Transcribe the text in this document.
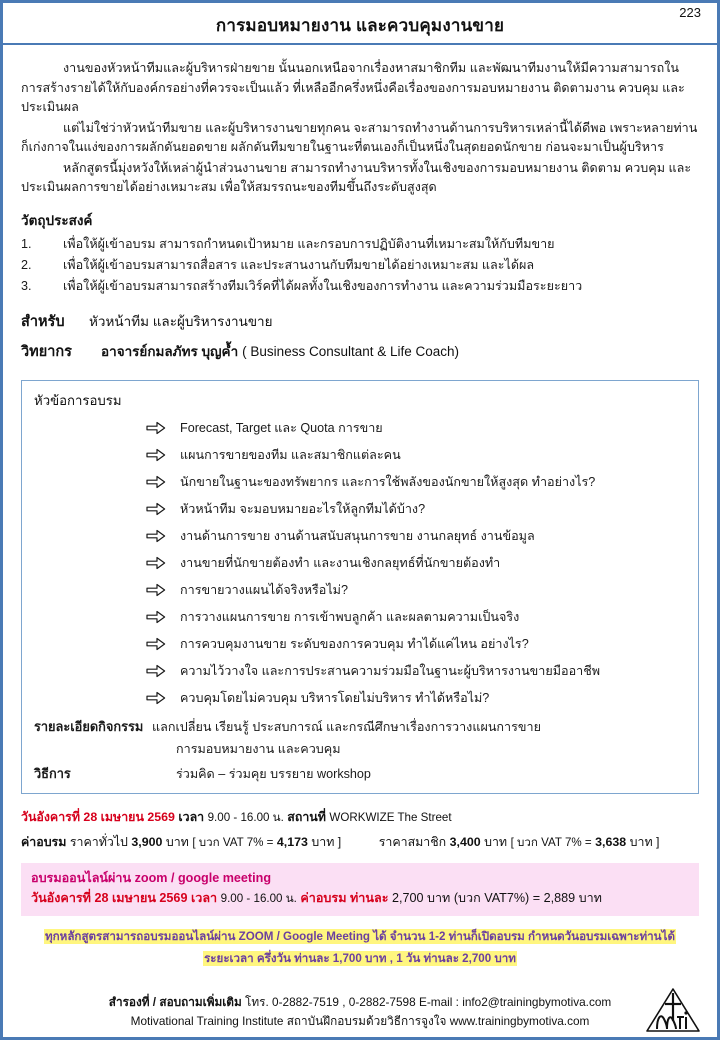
การมอบหมายงาน และควบคุมงานขาย
223

งานของหัวหน้าทีมและผู้บริหารฝ่ายขาย นั้นนอกเหนือจากเรื่องหาสมาชิกทีม และพัฒนาทีมงานให้มีความสามารถในการสร้างรายได้ให้กับองค์กรอย่างที่ควรจะเป็นแล้ว ที่เหลืออีกครึ่งหนึ่งคือเรื่องของการมอบหมายงาน ติดตามงาน ควบคุม และประเมินผล

แต่ไม่ใช่ว่าหัวหน้าทีมขาย และผู้บริหารงานขายทุกคน จะสามารถทำงานด้านการบริหารเหล่านี้ได้ดีพอ เพราะหลายท่านก็เก่งกาจในแง่ของการผลักดันยอดขาย ผลักดันทีมขายในฐานะที่ตนเองก็เป็นหนึ่งในสุดยอดนักขาย ก่อนจะมาเป็นผู้บริหาร

หลักสูตรนี้มุ่งหวังให้เหล่าผู้นำส่วนงานขาย สามารถทำงานบริหารทั้งในเชิงของการมอบหมายงาน ติดตาม ควบคุม และประเมินผลการขายได้อย่างเหมาะสม เพื่อให้สมรรถนะของทีมขึ้นถึงระดับสูงสุด

วัตถุประสงค์
1.	เพื่อให้ผู้เข้าอบรม สามารถกำหนดเป้าหมาย และกรอบการปฏิบัติงานที่เหมาะสมให้กับทีมขาย
2.	เพื่อให้ผู้เข้าอบรมสามารถสื่อสาร และประสานงานกับทีมขายได้อย่างเหมาะสม และได้ผล
3.	เพื่อให้ผู้เข้าอบรมสามารถสร้างทีมเวิร์คที่ได้ผลทั้งในเชิงของการทำงาน และความร่วมมือระยะยาว
สำหรับ	หัวหน้าทีม และผู้บริหารงานขาย
วิทยากร	อาจารย์กมลภัทร บุญค้ำ ( Business Consultant & Life Coach)
หัวข้อการอบรม
Forecast, Target และ Quota การขาย
แผนการขายของทีม และสมาชิกแต่ละคน
นักขายในฐานะของทรัพยากร และการใช้พลังของนักขายให้สูงสุด ทำอย่างไร?
หัวหน้าทีม จะมอบหมายอะไรให้ลูกทีมได้บ้าง?
งานด้านการขาย งานด้านสนับสนุนการขาย งานกลยุทธ์ งานข้อมูล
งานขายที่นักขายต้องทำ และงานเชิงกลยุทธ์ที่นักขายต้องทำ
การขายวางแผนได้จริงหรือไม่?
การวางแผนการขาย การเข้าพบลูกค้า และผลตามความเป็นจริง
การควบคุมงานขาย ระดับของการควบคุม ทำได้แค่ไหน อย่างไร?
ความไว้วางใจ และการประสานความร่วมมือในฐานะผู้บริหารงานขายมืออาชีพ
ควบคุมโดยไม่ควบคุม บริหารโดยไม่บริหาร ทำได้หรือไม่?
รายละเอียดกิจกรรม แลกเปลี่ยน เรียนรู้ ประสบการณ์ และกรณีศึกษาเรื่องการวางแผนการขาย
การมอบหมายงาน และควบคุม
วิธีการ	ร่วมคิด – ร่วมคุย บรรยาย workshop
วันอังคารที่ 28 เมษายน 2569 เวลา 9.00 - 16.00 น. สถานที่ WORKWIZE The Street
ค่าอบรม ราคาทั่วไป 3,900 บาท [ บวก VAT 7% = 4,173 บาท ]	ราคาสมาชิก 3,400 บาท [ บวก VAT 7% = 3,638 บาท ]
อบรมออนไลน์ผ่าน zoom / google meeting
วันอังคารที่ 28 เมษายน 2569 เวลา 9.00 - 16.00 น. ค่าอบรม ท่านละ 2,700 บาท (บวก VAT7%) = 2,889 บาท
ทุกหลักสูตรสามารถอบรมออนไลน์ผ่าน ZOOM / Google Meeting ได้ จำนวน 1-2 ท่านก็เปิดอบรม กำหนดวันอบรมเฉพาะท่านได้
ระยะเวลา ครึ่งวัน ท่านละ 1,700 บาท , 1 วัน ท่านละ 2,700 บาท
สำรองที่ / สอบถามเพิ่มเติม โทร. 0-2882-7519 , 0-2882-7598 E-mail : info2@trainingbymotiva.com
Motivational Training Institute สถาบันฝึกอบรมด้วยวิธีการจูงใจ www.trainingbymotiva.com
